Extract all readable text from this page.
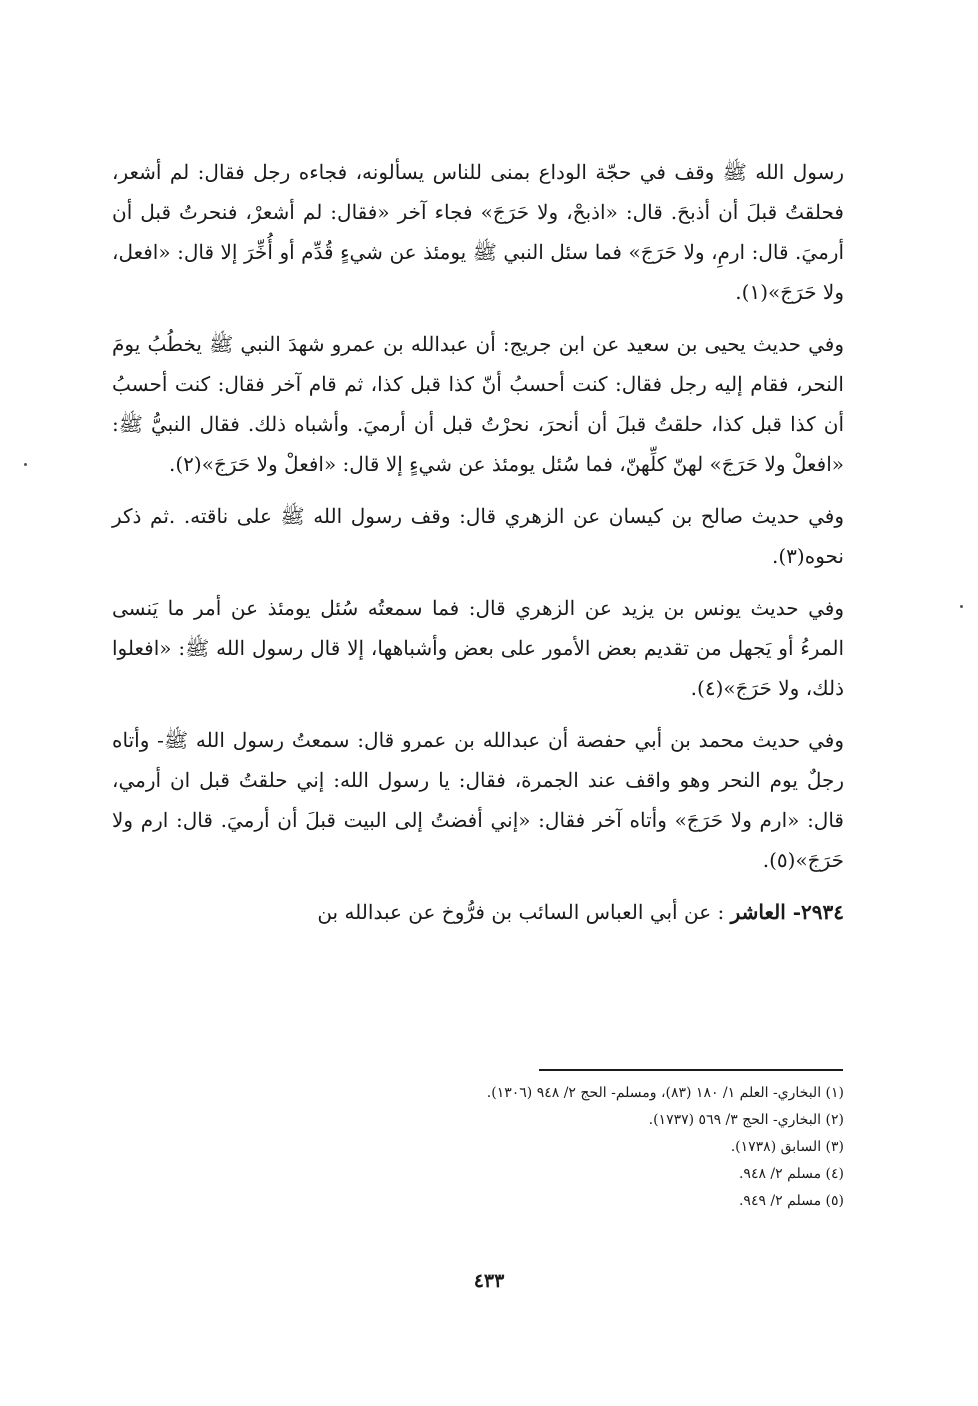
رسول الله ﷺ وقف في حجّة الوداع بمنى للناس يسألونه، فجاءه رجل فقال: لم أشعر، فحلقتُ قبلَ أن أذبحَ. قال: «اذبحْ، ولا حَرَجَ» فجاء آخر «فقال: لم أشعرْ، فنحرتُ قبل أن أرميَ. قال: ارمِ، ولا حَرَجَ» فما سئل النبي ﷺ يومئذ عن شيءٍ قُدِّم أو أُخِّرَ إلا قال: «افعل، ولا حَرَجَ»(١).

وفي حديث يحيى بن سعيد عن ابن جريج: أن عبدالله بن عمرو شهدَ النبي ﷺ يخطُبُ يومَ النحر، فقام إليه رجل فقال: كنت أحسبُ أنّ كذا قبل كذا، ثم قام آخر فقال: كنت أحسبُ أن كذا قبل كذا، حلقتُ قبلَ أن أنحرَ، نحرْتُ قبل أن أرميَ. وأشباه ذلك. فقال النبيُّ ﷺ: «افعلْ ولا حَرَجَ» لهنّ كلِّهنّ، فما سُئل يومئذ عن شيءٍ إلا قال: «افعلْ ولا حَرَجَ»(٢).

وفي حديث صالح بن كيسان عن الزهري قال: وقف رسول الله ﷺ على ناقته. .ثم ذكر نحوه(٣).

وفي حديث يونس بن يزيد عن الزهري قال: فما سمعتُه سُئل يومئذ عن أمر ما يَنسى المرءُ أو يَجهل من تقديم بعض الأمور على بعض وأشباهها، إلا قال رسول الله ﷺ: «افعلوا ذلك، ولا حَرَجَ»(٤).

وفي حديث محمد بن أبي حفصة أن عبدالله بن عمرو قال: سمعتُ رسول الله ﷺ- وأتاه رجلٌ يوم النحر وهو واقف عند الجمرة، فقال: يا رسول الله: إني حلقتُ قبل ان أرمي، قال: «ارم ولا حَرَجَ» وأتاه آخر فقال: «إني أفضتُ إلى البيت قبلَ أن أرميَ. قال: ارم ولا حَرَجَ»(٥).

٢٩٣٤- العاشر : عن أبي العباس السائب بن فرُّوخ عن عبدالله بن

(١) البخاري- العلم ١/ ١٨٠ (٨٣)، ومسلم- الحج ٢/ ٩٤٨ (١٣٠٦).

(٢) البخاري- الحج ٣/ ٥٦٩ (١٧٣٧).

(٣) السابق (١٧٣٨).

(٤) مسلم ٢/ ٩٤٨.

(٥) مسلم ٢/ ٩٤٩.

٤٣٣
